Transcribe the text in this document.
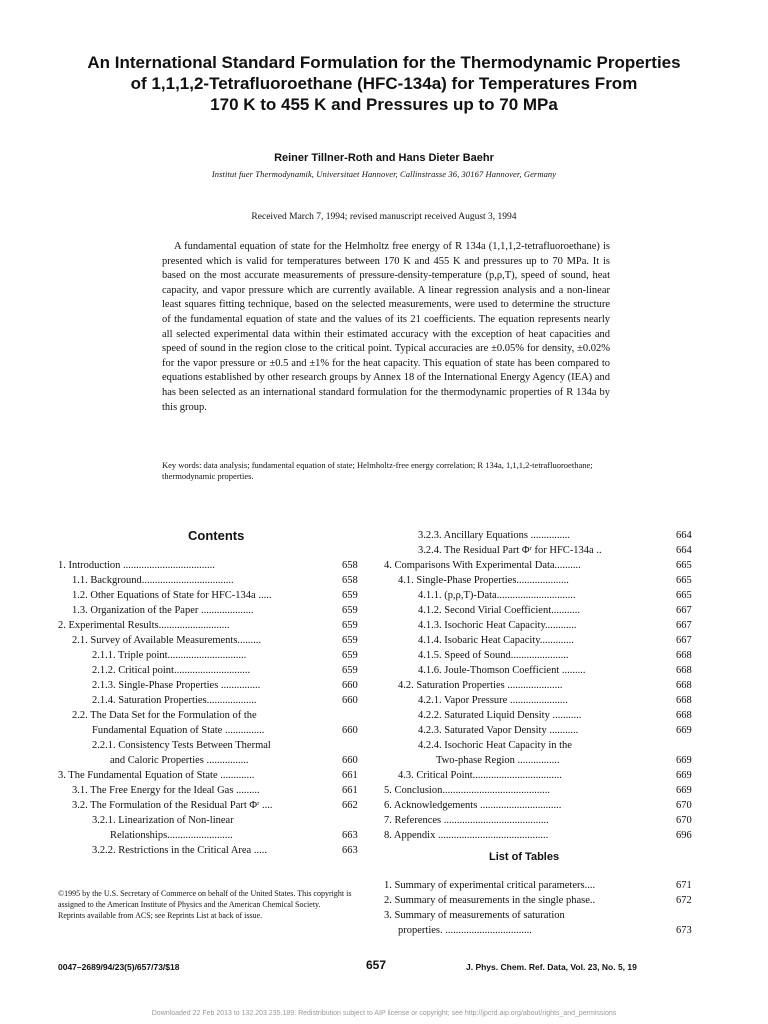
An International Standard Formulation for the Thermodynamic Properties
of 1,1,1,2-Tetrafluoroethane (HFC-134a) for Temperatures From
170 K to 455 K and Pressures up to 70 MPa
Reiner Tillner-Roth and Hans Dieter Baehr
Institut fuer Thermodynamik, Universitaet Hannover, Callinstrasse 36, 30167 Hannover, Germany
Received March 7, 1994; revised manuscript received August 3, 1994

A fundamental equation of state for the Helmholtz free energy of R 134a (1,1,1,2-tetrafluoroethane) is presented which is valid for temperatures between 170 K and 455 K and pressures up to 70 MPa. It is based on the most accurate measurements of pressure-density-temperature (p,ρ,T), speed of sound, heat capacity, and vapor pressure which are currently available. A linear regression analysis and a non-linear least squares fitting technique, based on the selected measurements, were used to determine the structure of the fundamental equation of state and the values of its 21 coefficients. The equation represents nearly all selected experimental data within their estimated accuracy with the exception of heat capacities and speed of sound in the region close to the critical point. Typical accuracies are ±0.05% for density, ±0.02% for the vapor pressure or ±0.5 and ±1% for the heat capacity. This equation of state has been compared to equations established by other research groups by Annex 18 of the International Energy Agency (IEA) and has been selected as an international standard formulation for the thermodynamic properties of R 134a by this group.

Key words: data analysis; fundamental equation of state; Helmholtz-free energy correlation; R 134a, 1,1,1,2-tetrafluoroethane; thermodynamic properties.
Contents
1. Introduction ...................................	658
1.1. Background...................................	658
1.2. Other Equations of State for HFC-134a .....	659
1.3. Organization of the Paper ....................	659
2. Experimental Results...........................	659
2.1. Survey of Available Measurements.........	659
2.1.1. Triple point..............................	659
2.1.2. Critical point.............................	659
2.1.3. Single-Phase Properties ...............	660
2.1.4. Saturation Properties...................	660
2.2. The Data Set for the Formulation of the
Fundamental Equation of State ...............	660
2.2.1. Consistency Tests Between Thermal
and Caloric Properties ................	660
3. The Fundamental Equation of State .............	661
3.1. The Free Energy for the Ideal Gas .........	661
3.2. The Formulation of the Residual Part Φʳ ....	662
3.2.1. Linearization of Non-linear
Relationships.........................	663
3.2.2. Restrictions in the Critical Area .....	663
3.2.3. Ancillary Equations ...............	664
3.2.4. The Residual Part Φʳ for HFC-134a ..	664
4. Comparisons With Experimental Data..........	665
4.1. Single-Phase Properties....................	665
4.1.1. (p,ρ,T)-Data..............................	665
4.1.2. Second Virial Coefficient...........	667
4.1.3. Isochoric Heat Capacity............	667
4.1.4. Isobaric Heat Capacity.............	667
4.1.5. Speed of Sound......................	668
4.1.6. Joule-Thomson Coefficient .........	668
4.2. Saturation Properties .....................	668
4.2.1. Vapor Pressure ......................	668
4.2.2. Saturated Liquid Density ...........	668
4.2.3. Saturated Vapor Density ...........	669
4.2.4. Isochoric Heat Capacity in the
Two-phase Region ................	669
4.3. Critical Point..................................	669
5. Conclusion.........................................	669
6. Acknowledgements ...............................	670
7. References ........................................	670
8. Appendix ..........................................	696
List of Tables
1. Summary of experimental critical parameters....	671
2. Summary of measurements in the single phase..	672
3. Summary of measurements of saturation
properties. .................................	673
©1995 by the U.S. Secretary of Commerce on behalf of the United States. This copyright is assigned to the American Institute of Physics and the American Chemical Society.
Reprints available from ACS; see Reprints List at back of issue.
0047–2689/94/23(5)/657/73/$18	657	J. Phys. Chem. Ref. Data, Vol. 23, No. 5, 19
Downloaded 22 Feb 2013 to 132.203.235.189. Redistribution subject to AIP license or copyright; see http://jpcrd.aip.org/about/rights_and_permissions
